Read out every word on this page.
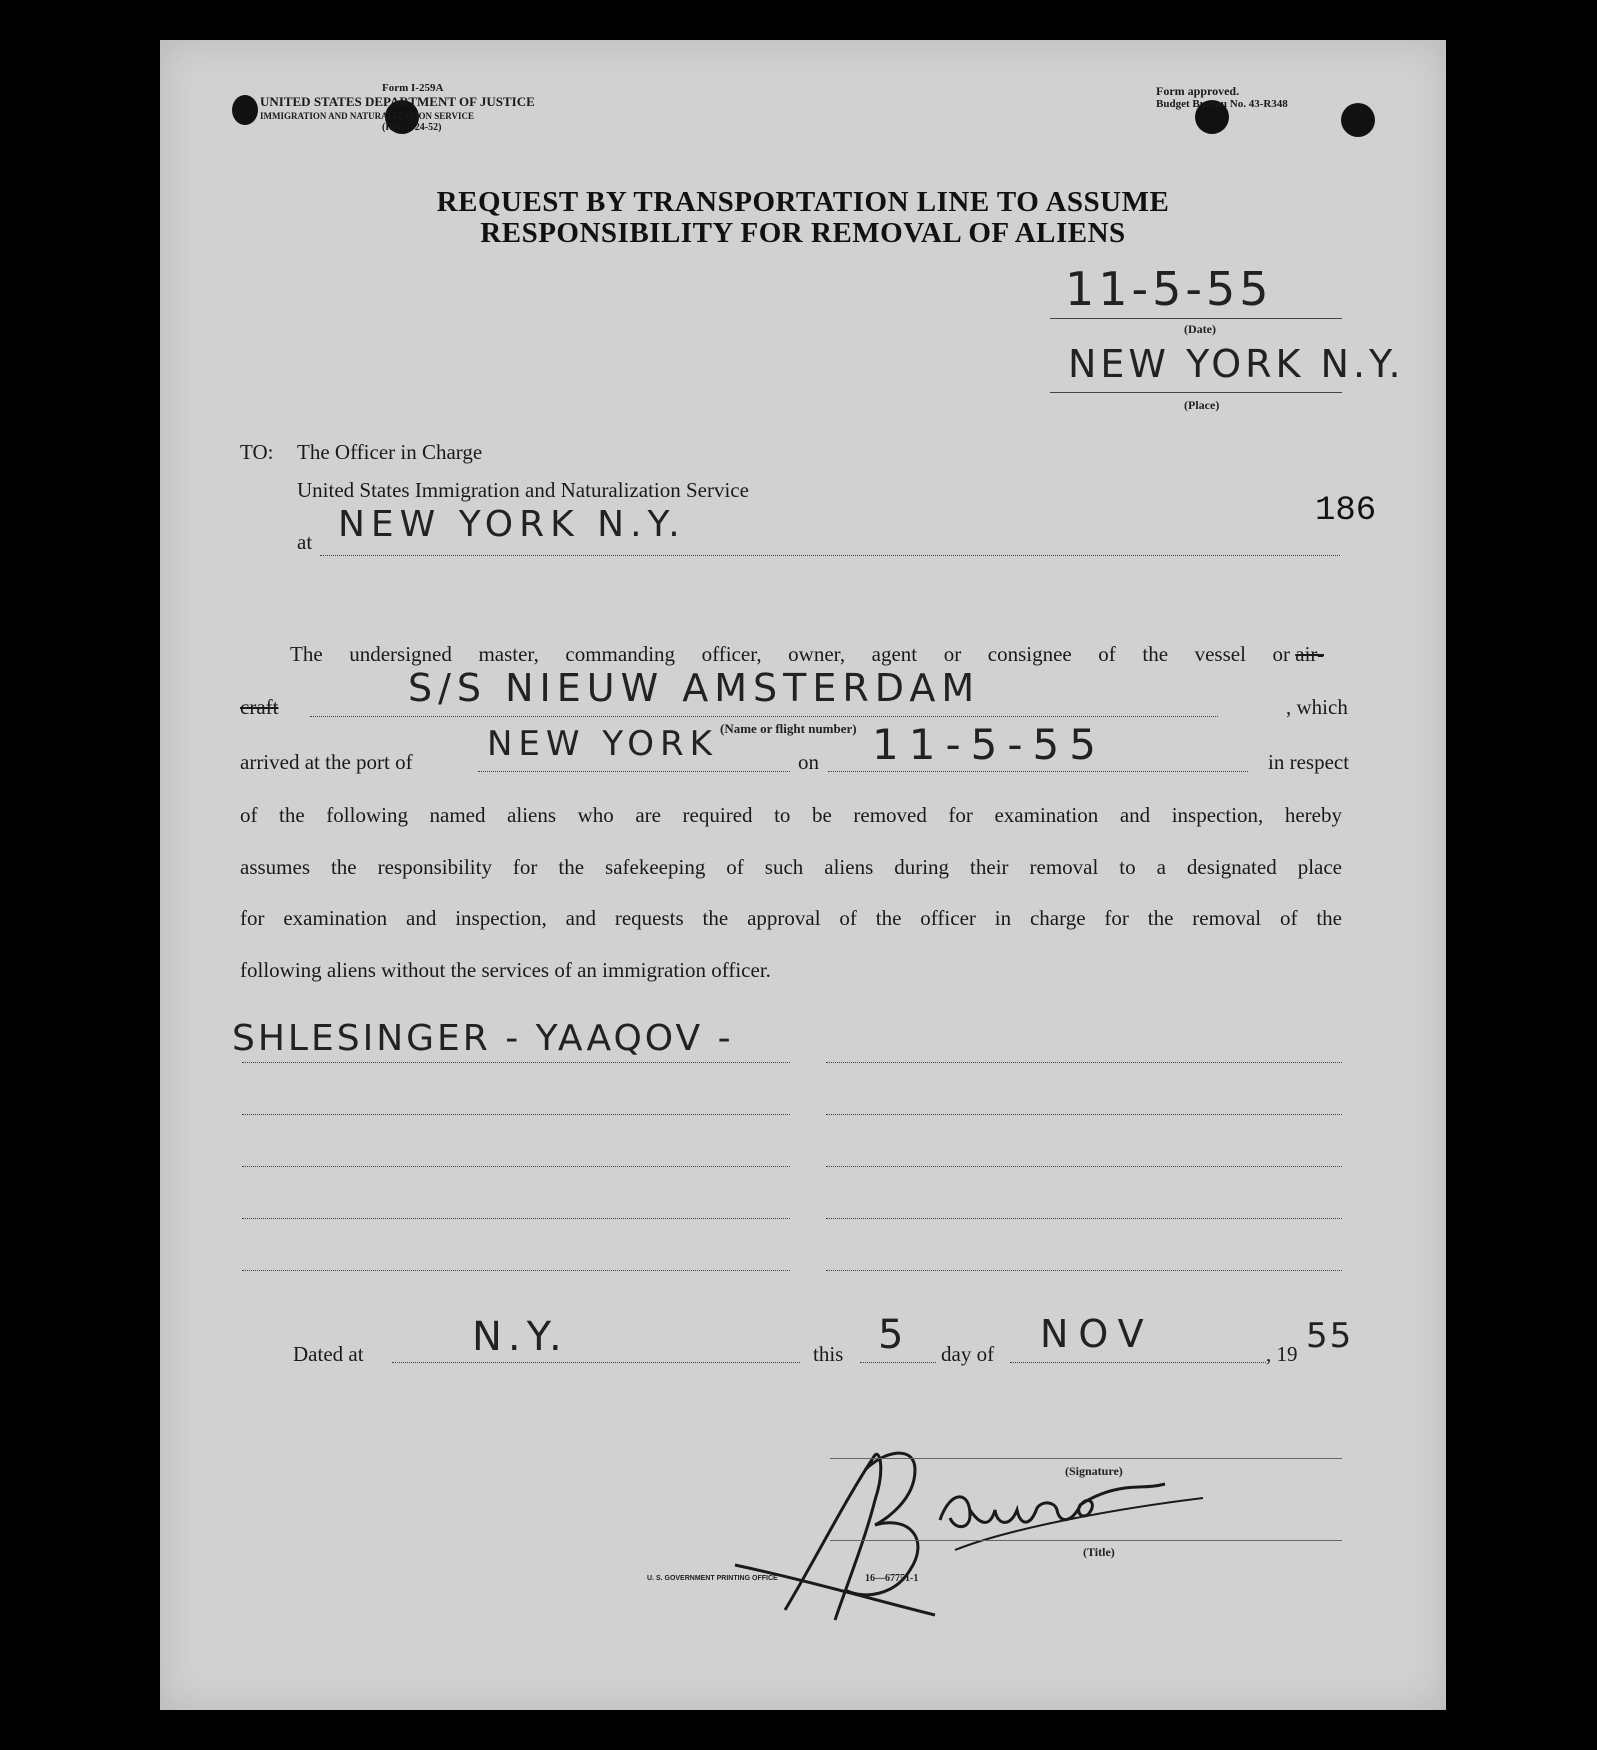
Form I-259A
UNITED STATES DEPARTMENT OF JUSTICE
IMMIGRATION AND NATURALIZATION SERVICE
(Rev. 7-24-52)
Form approved.
Budget Bureau No. 43-R348
REQUEST BY TRANSPORTATION LINE TO ASSUME
RESPONSIBILITY FOR REMOVAL OF ALIENS
11-5-55
(Date)
NEW YORK N.Y.
(Place)
TO: The Officer in Charge
United States Immigration and Naturalization Service
at NEW YORK N.Y.	186
The undersigned master, commanding officer, owner, agent or consignee of the vessel or air-
craft	S/S NIEUW AMSTERDAM	, which
(Name or flight number)
arrived at the port of NEW YORK	on 11-5-55	in respect
of the following named aliens who are required to be removed for examination and inspection, hereby
assumes the responsibility for the safekeeping of such aliens during their removal to a designated place
for examination and inspection, and requests the approval of the officer in charge for the removal of the
following aliens without the services of an immigration officer.
SHLESINGER - YAAQOV -
Dated at	N.Y.	this 5 day of NOV	, 19 55
(Signature)
(Title)
U. S. GOVERNMENT PRINTING OFFICE	16—67751-1
